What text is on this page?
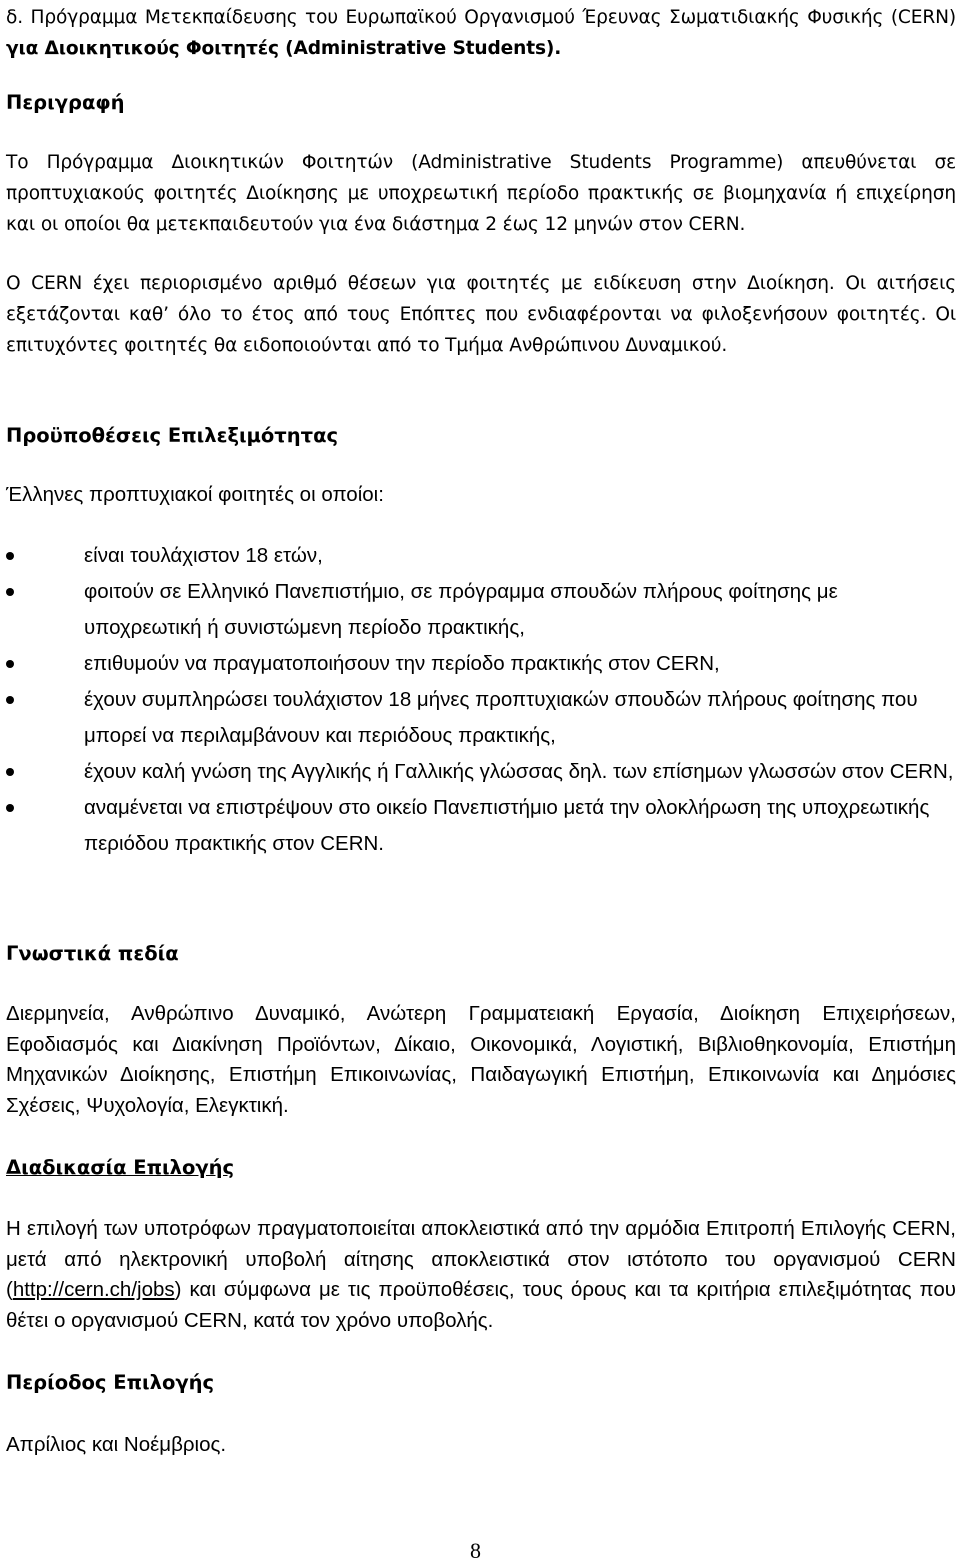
δ. Πρόγραμμα Μετεκπαίδευσης του Ευρωπαϊκού Οργανισμού Έρευνας Σωματιδιακής Φυσικής (CERN) για Διοικητικούς Φοιτητές (Administrative Students).

Περιγραφή

Το Πρόγραμμα Διοικητικών Φοιτητών (Administrative Students Programme) απευθύνεται σε προπτυχιακούς φοιτητές Διοίκησης με υποχρεωτική περίοδο πρακτικής σε βιομηχανία ή επιχείρηση και οι οποίοι θα μετεκπαιδευτούν για ένα διάστημα 2 έως 12 μηνών στον CERN.

Ο CERN έχει περιορισμένο αριθμό θέσεων για φοιτητές με ειδίκευση στην Διοίκηση. Οι αιτήσεις εξετάζονται καθ’ όλο το έτος από τους Επόπτες που ενδιαφέρονται να φιλοξενήσουν φοιτητές. Οι επιτυχόντες φοιτητές θα ειδοποιούνται από το Τμήμα Ανθρώπινου Δυναμικού.

Προϋποθέσεις Επιλεξιμότητας

Έλληνες προπτυχιακοί φοιτητές οι οποίοι:

είναι τουλάχιστον 18 ετών,
φοιτούν σε Ελληνικό Πανεπιστήμιο, σε πρόγραμμα σπουδών πλήρους φοίτησης με υποχρεωτική ή συνιστώμενη περίοδο πρακτικής,
επιθυμούν να πραγματοποιήσουν την περίοδο πρακτικής στον CERN,
έχουν συμπληρώσει τουλάχιστον 18 μήνες προπτυχιακών σπουδών πλήρους φοίτησης που μπορεί να περιλαμβάνουν και περιόδους πρακτικής,
έχουν καλή γνώση της Αγγλικής ή Γαλλικής γλώσσας δηλ. των επίσημων γλωσσών στον CERN,
αναμένεται να επιστρέψουν στο οικείο Πανεπιστήμιο μετά την ολοκλήρωση της υποχρεωτικής περιόδου πρακτικής στον CERN.
Γνωστικά πεδία

Διερμηνεία, Ανθρώπινο Δυναμικό, Ανώτερη Γραμματειακή Εργασία, Διοίκηση Επιχειρήσεων, Εφοδιασμός και Διακίνηση Προϊόντων, Δίκαιο, Οικονομικά, Λογιστική, Βιβλιοθηκονομία, Επιστήμη Μηχανικών Διοίκησης, Επιστήμη Επικοινωνίας, Παιδαγωγική Επιστήμη, Επικοινωνία και Δημόσιες Σχέσεις, Ψυχολογία, Ελεγκτική.

Διαδικασία Επιλογής

Η επιλογή των υποτρόφων πραγματοποιείται αποκλειστικά από την αρμόδια Επιτροπή Επιλογής CERN, μετά από ηλεκτρονική υποβολή αίτησης αποκλειστικά στον ιστότοπο του οργανισμού CERN (http://cern.ch/jobs) και σύμφωνα με τις προϋποθέσεις, τους όρους και τα κριτήρια επιλεξιμότητας που θέτει ο οργανισμού CERN, κατά τον χρόνο υποβολής.

Περίοδος Επιλογής

Απρίλιος και Νοέμβριος.

8
